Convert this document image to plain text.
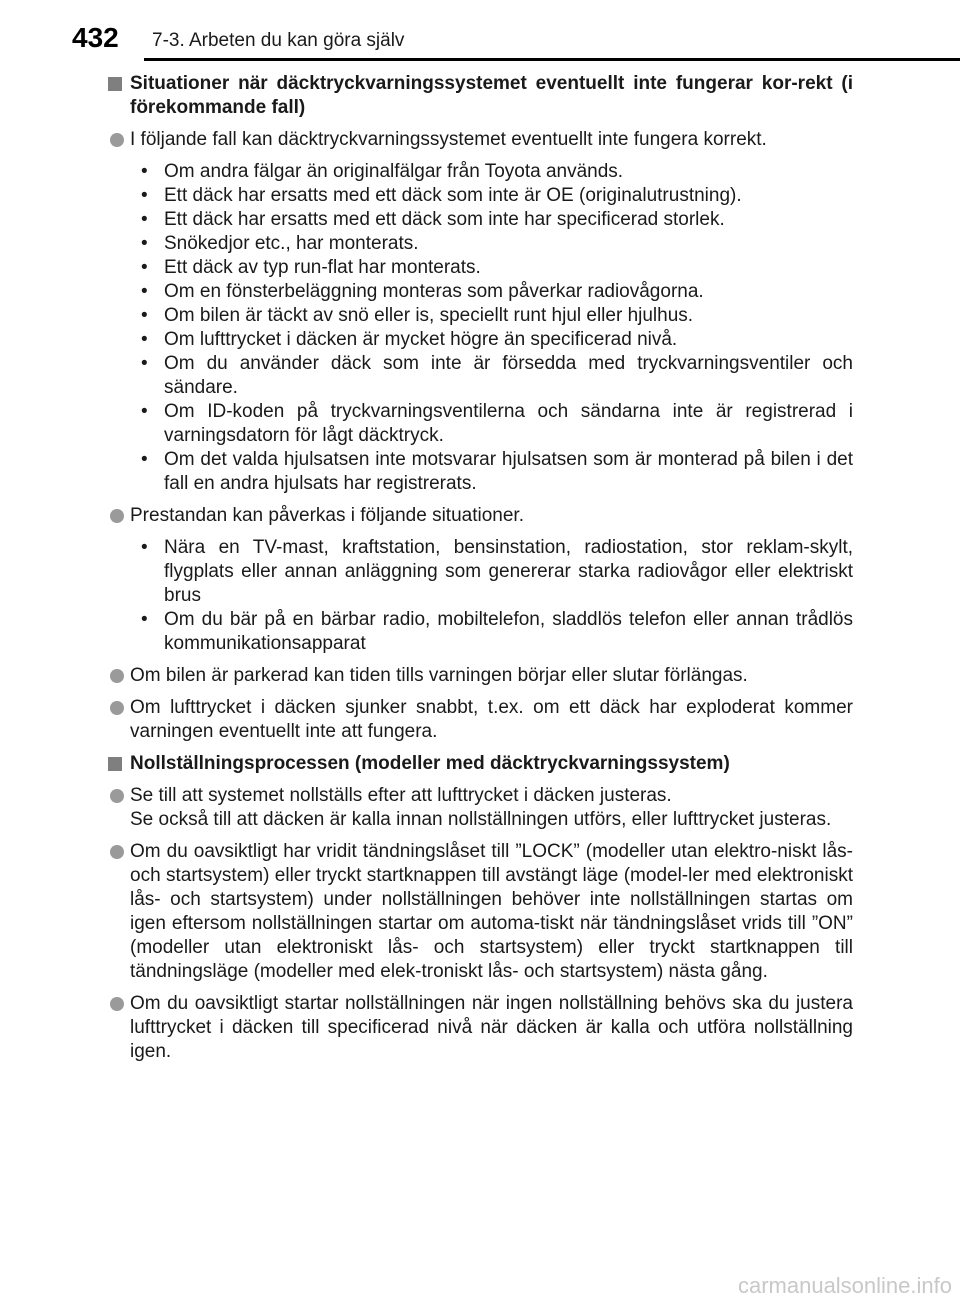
432 7-3. Arbeten du kan göra själv
Situationer när däcktryckvarningssystemet eventuellt inte fungerar kor-rekt (i förekommande fall)

I följande fall kan däcktryckvarningssystemet eventuellt inte fungera korrekt.

• Om andra fälgar än originalfälgar från Toyota används.
• Ett däck har ersatts med ett däck som inte är OE (originalutrustning).
• Ett däck har ersatts med ett däck som inte har specificerad storlek.
• Snökedjor etc., har monterats.
• Ett däck av typ run-flat har monterats.
• Om en fönsterbeläggning monteras som påverkar radiovågorna.
• Om bilen är täckt av snö eller is, speciellt runt hjul eller hjulhus.
• Om lufttrycket i däcken är mycket högre än specificerad nivå.
• Om du använder däck som inte är försedda med tryckvarningsventiler och sändare.
• Om ID-koden på tryckvarningsventilerna och sändarna inte är registrerad i varningsdatorn för lågt däcktryck.
• Om det valda hjulsatsen inte motsvarar hjulsatsen som är monterad på bilen i det fall en andra hjulsats har registrerats.

Prestandan kan påverkas i följande situationer.

• Nära en TV-mast, kraftstation, bensinstation, radiostation, stor reklam-skylt, flygplats eller annan anläggning som genererar starka radiovågor eller elektriskt brus
• Om du bär på en bärbar radio, mobiltelefon, sladdlös telefon eller annan trådlös kommunikationsapparat

Om bilen är parkerad kan tiden tills varningen börjar eller slutar förlängas.

Om lufttrycket i däcken sjunker snabbt, t.ex. om ett däck har exploderat kommer varningen eventuellt inte att fungera.

Nollställningsprocessen (modeller med däcktryckvarningssystem)

Se till att systemet nollställs efter att lufttrycket i däcken justeras.

Se också till att däcken är kalla innan nollställningen utförs, eller lufttrycket justeras.

Om du oavsiktligt har vridit tändningslåset till ”LOCK” (modeller utan elektro-niskt lås- och startsystem) eller tryckt startknappen till avstängt läge (model-ler med elektroniskt lås- och startsystem) under nollställningen behöver inte nollställningen startas om igen eftersom nollställningen startar om automa-tiskt när tändningslåset vrids till ”ON” (modeller utan elektroniskt lås- och startsystem) eller tryckt startknappen till tändningsläge (modeller med elek-troniskt lås- och startsystem) nästa gång.

Om du oavsiktligt startar nollställningen när ingen nollställning behövs ska du justera lufttrycket i däcken till specificerad nivå när däcken är kalla och utföra nollställning igen.

carmanualsonline.info
